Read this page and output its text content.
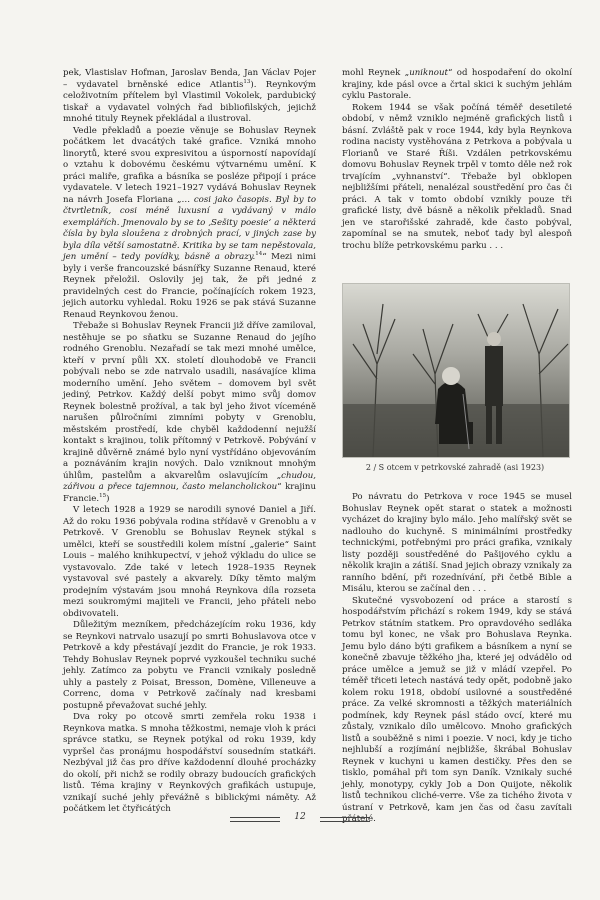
pek, Vlastislav Hofman, Jaroslav Benda, Jan Václav Pojer – vydavatel brněnské edice Atlantis$^{13}$). Reynkovým celoživotním přítelem byl Vlastimil Vokolek, pardubický tiskař a vydavatel volných řad bibliofilských, jejichž mnohé tituly Reynek překládal a ilustroval.

Vedle překladů a poezie věnuje se Bohuslav Reynek počátkem let dvacátých také grafice. Vzniká mnoho linorytů, které svou expresivitou a úsporností napovídají o vztahu k dobovému českému výtvarnému umění. K práci maliře, grafika a básníka se posléze připojí i práce vydavatele. V letech 1921–1927 vydává Bohuslav Reynek na návrh Josefa Floriana „… cosi jako časopis. Byl by to čtvrtletník, cosi méně luxusní a vydávaný v málo exemplářích. Jmenovalo by se to ‚Sešity poesie‘ a některá čísla by byla sloužena z drobných prací, v jiných zase by byla díla větší samostatně. Kritika by se tam nepěstovala, jen umění – tedy povídky, básně a obrazy.$^{14}$“ Mezi nimi byly i verše francouzské básnířky Suzanne Renaud, které Reynek přeložil. Oslovily jej tak, že při jedné z pravidelných cest do Francie, počínajících rokem 1923, jejich autorku vyhledal. Roku 1926 se pak stává Suzanne Renaud Reynkovou ženou.

Třebaže si Bohuslav Reynek Francii již dříve zamiloval, nestěhuje se po sňatku se Suzanne Renaud do jejího rodného Grenoblu. Nezařadí se tak mezi mnohé umělce, kteří v první půli XX. století dlouhodobě ve Francii pobývali nebo se zde natrvalo usadili, nasávajíce klima moderního umění. Jeho světem – domovem byl svět jediný, Petrkov. Každý delší pobyt mimo svůj domov Reynek bolestně prožíval, a tak byl jeho život víceméně narušen půlročními zimními pobyty v Grenoblu, městském prostředí, kde chyběl každodenní nejužší kontakt s krajinou, tolik přítomný v Petrkově. Pobývání v krajině důvěrně známé bylo nyní vystřídáno objevováním a poznáváním krajin nových. Dalo vzniknout mnohým úhlům, pastelům a akvarelům oslavujícím „chudou, zářivou a přece tajemnou, často melancholickou“ krajinu Francie.$^{15}$)

V letech 1928 a 1929 se narodili synové Daniel a Jiří. Až do roku 1936 pobývala rodina střídavě v Grenoblu a v Petrkově. V Grenoblu se Bohuslav Reynek stýkal s umělci, kteří se soustředili kolem místní „galerie“ Saint Louis – malého knihkupectví, v jehož výkladu do ulice se vystavovalo. Zde také v letech 1928–1935 Reynek vystavoval své pastely a akvarely. Díky těmto malým prodejním výstavám jsou mnohá Reynkova díla rozseta mezi soukromými majiteli ve Francii, jeho přáteli nebo obdivovateli.

Důležitým mezníkem, předcházejícím roku 1936, kdy se Reynkovi natrvalo usazují po smrti Bohuslavova otce v Petrkově a kdy přestávají jezdit do Francie, je rok 1933. Tehdy Bohuslav Reynek poprvé vyzkoušel techniku suché jehly. Zatímco za pobytu ve Francii vznikaly posledně uhly a pastely z Poisat, Bresson, Domène, Villeneuve a Correnc, doma v Petrkově začínaly nad kresbami postupně převažovat suché jehly.

Dva roky po otcově smrti zemřela roku 1938 i Reynkova matka. S mnoha těžkostmi, nemaje vloh k práci správce statku, se Reynek potýkal od roku 1939, kdy vypršel čas pronájmu hospodářství sousedním statkáři. Nezbýval již čas pro dříve každodenní dlouhé procházky do okolí, při nichž se rodily obrazy budoucích grafických listů. Téma krajiny v Reynkových grafikách ustupuje, vznikají suché jehly převážně s biblickými náměty. Až počátkem let čtyřicátých

mohl Reynek „uniknout“ od hospodaření do okolní krajiny, kde pásl ovce a črtal skici k suchým jehlám cyklu Pastorale.

Rokem 1944 se však počíná téměř desetileté období, v němž vzniklo nejméně grafických listů i básní. Zvláště pak v roce 1944, kdy byla Reynkova rodina nacisty vystěhována z Petrkova a pobývala u Florianů ve Staré Říši. Vzdálen petrkovskému domovu Bohuslav Reynek trpěl v tomto děle než rok trvajícím „vyhnanství“. Třebaže byl obklopen nejbližšími přáteli, nenalézal soustředění pro čas či práci. A tak v tomto období vznikly pouze tři grafické listy, dvě básně a několik překladů. Snad jen ve starořišské zahradě, kde často pobýval, zapomínal se na smutek, neboť tady byl alespoň trochu blíže petrkovskému parku . . .

2 / S otcem v petrkovské zahradě (asi 1923)

Po návratu do Petrkova v roce 1945 se musel Bohuslav Reynek opět starat o statek a možnosti vycházet do krajiny bylo málo. Jeho malířský svět se nadlouho do kuchyně. S minimálními prostředky technickými, potřebnými pro práci grafika, vznikaly listy později soustředěné do Pašijového cyklu a několik krajin a zátiší. Snad jejich obrazy vznikaly za ranního bdění, při rozednívání, při četbě Bible a Misálu, kterou se začínal den . . .

Skutečné vysvobození od práce a starostí s hospodářstvím přichází s rokem 1949, kdy se stává Petrkov státním statkem. Pro opravdového sedláka tomu byl konec, ne však pro Bohuslava Reynka. Jemu bylo dáno býti grafikem a básníkem a nyní se konečně zbavuje těžkého jha, které jej odvádělo od práce umělce a jemuž se již v mládí vzepřel. Po téměř třiceti letech nastává tedy opět, podobně jako kolem roku 1918, období usilovné a soustředěné práce. Za velké skromnosti a těžkých materiálních podmínek, kdy Reynek pásl stádo ovcí, které mu zůstaly, vznikalo dílo umělcovo. Mnoho grafických listů a souběžně s nimi i poezie. V noci, kdy je ticho nejhlubší a rozjímání nejbližše, škrábal Bohuslav Reynek v kuchyni u kamen destičky. Přes den se tisklo, pomáhal při tom syn Daník. Vznikaly suché jehly, monotypy, cykly Job a Don Quijote, několik listů technikou cliché-verre. Vše za tichého života v ústraní v Petrkově, kam jen čas od času zavítali přátelé.

12
